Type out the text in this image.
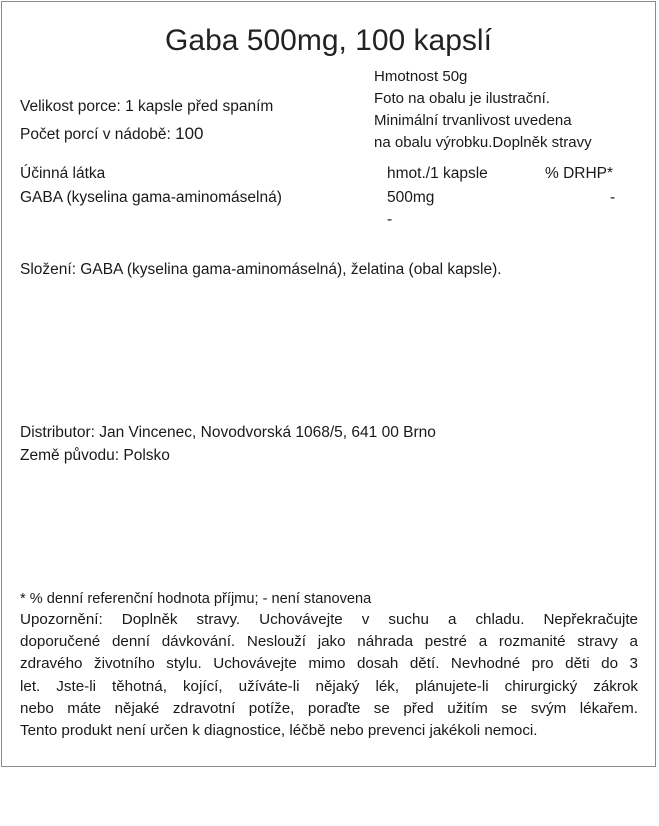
Gaba 500mg, 100 kapslí
Hmotnost 50g
Foto na obalu je ilustrační.
Minimální trvanlivost uvedena
na obalu výrobku.Doplněk stravy
Velikost porce: 1 kapsle před spaním
Počet porcí v nádobě: 100
Účinná látka	hmot./1 kapsle	% DRHP*
GABA (kyselina gama-aminomáselná)	500mg	-
-
Složení: GABA (kyselina gama-aminomáselná), želatina (obal kapsle).
Distributor: Jan Vincenec, Novodvorská 1068/5, 641 00 Brno
Země původu: Polsko
* % denní referenční hodnota příjmu; - není stanovena
Upozornění: Doplněk stravy. Uchovávejte v suchu a chladu. Nepřekračujte
doporučené denní dávkování. Neslouží jako náhrada pestré a rozmanité stravy a
zdravého životního stylu. Uchovávejte mimo dosah dětí. Nevhodné pro děti do 3
let. Jste-li těhotná, kojící, užíváte-li nějaký lék, plánujete-li chirurgický zákrok
nebo máte nějaké zdravotní potíže, poraďte se před užitím se svým lékařem.
Tento produkt není určen k diagnostice, léčbě nebo prevenci jakékoli nemoci.
